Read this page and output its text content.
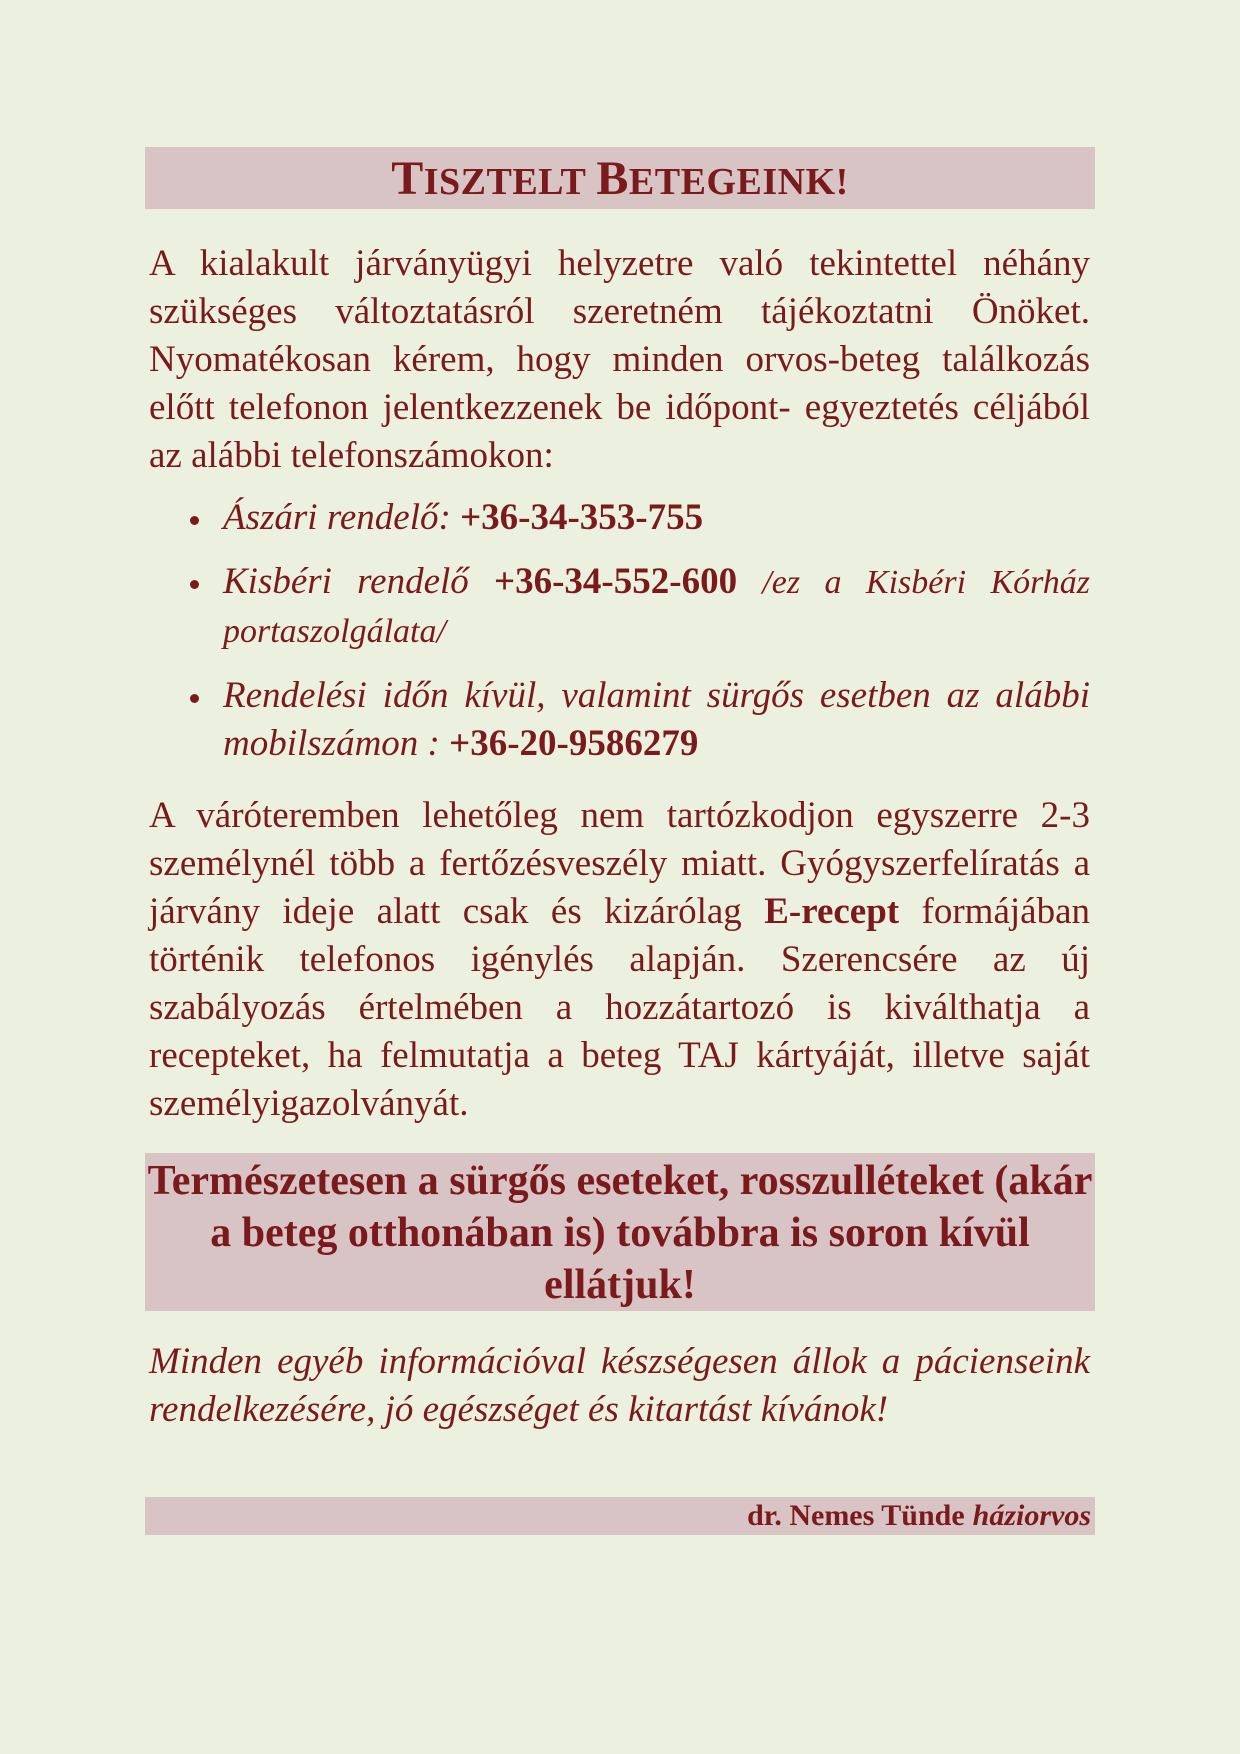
TISZTELT BETEGEINK!

A kialakult járványügyi helyzetre való tekintettel néhány szükséges változtatásról szeretném tájékoztatni Önöket. Nyomatékosan kérem, hogy minden orvos-beteg találkozás előtt telefonon jelentkezzenek be időpont- egyeztetés céljából az alábbi telefonszámokon:

Ászári rendelő: +36-34-353-755
Kisbéri rendelő +36-34-552-600 /ez a Kisbéri Kórház portaszolgálata/
Rendelési időn kívül, valamint sürgős esetben az alábbi mobilszámon : +36-20-9586279

A váróteremben lehetőleg nem tartózkodjon egyszerre 2-3 személynél több a fertőzésveszély miatt. Gyógyszerfelíratás a járvány ideje alatt csak és kizárólag E-recept formájában történik telefonos igénylés alapján. Szerencsére az új szabályozás értelmében a hozzátartozó is kiválthatja a recepteket, ha felmutatja a beteg TAJ kártyáját, illetve saját személyigazolványát.

Természetesen a sürgős eseteket, rosszulléteket (akár a beteg otthonában is) továbbra is soron kívül ellátjuk!

Minden egyéb információval készségesen állok a pácienseink rendelkezésére, jó egészséget és kitartást kívánok!

dr. Nemes Tünde háziorvos
